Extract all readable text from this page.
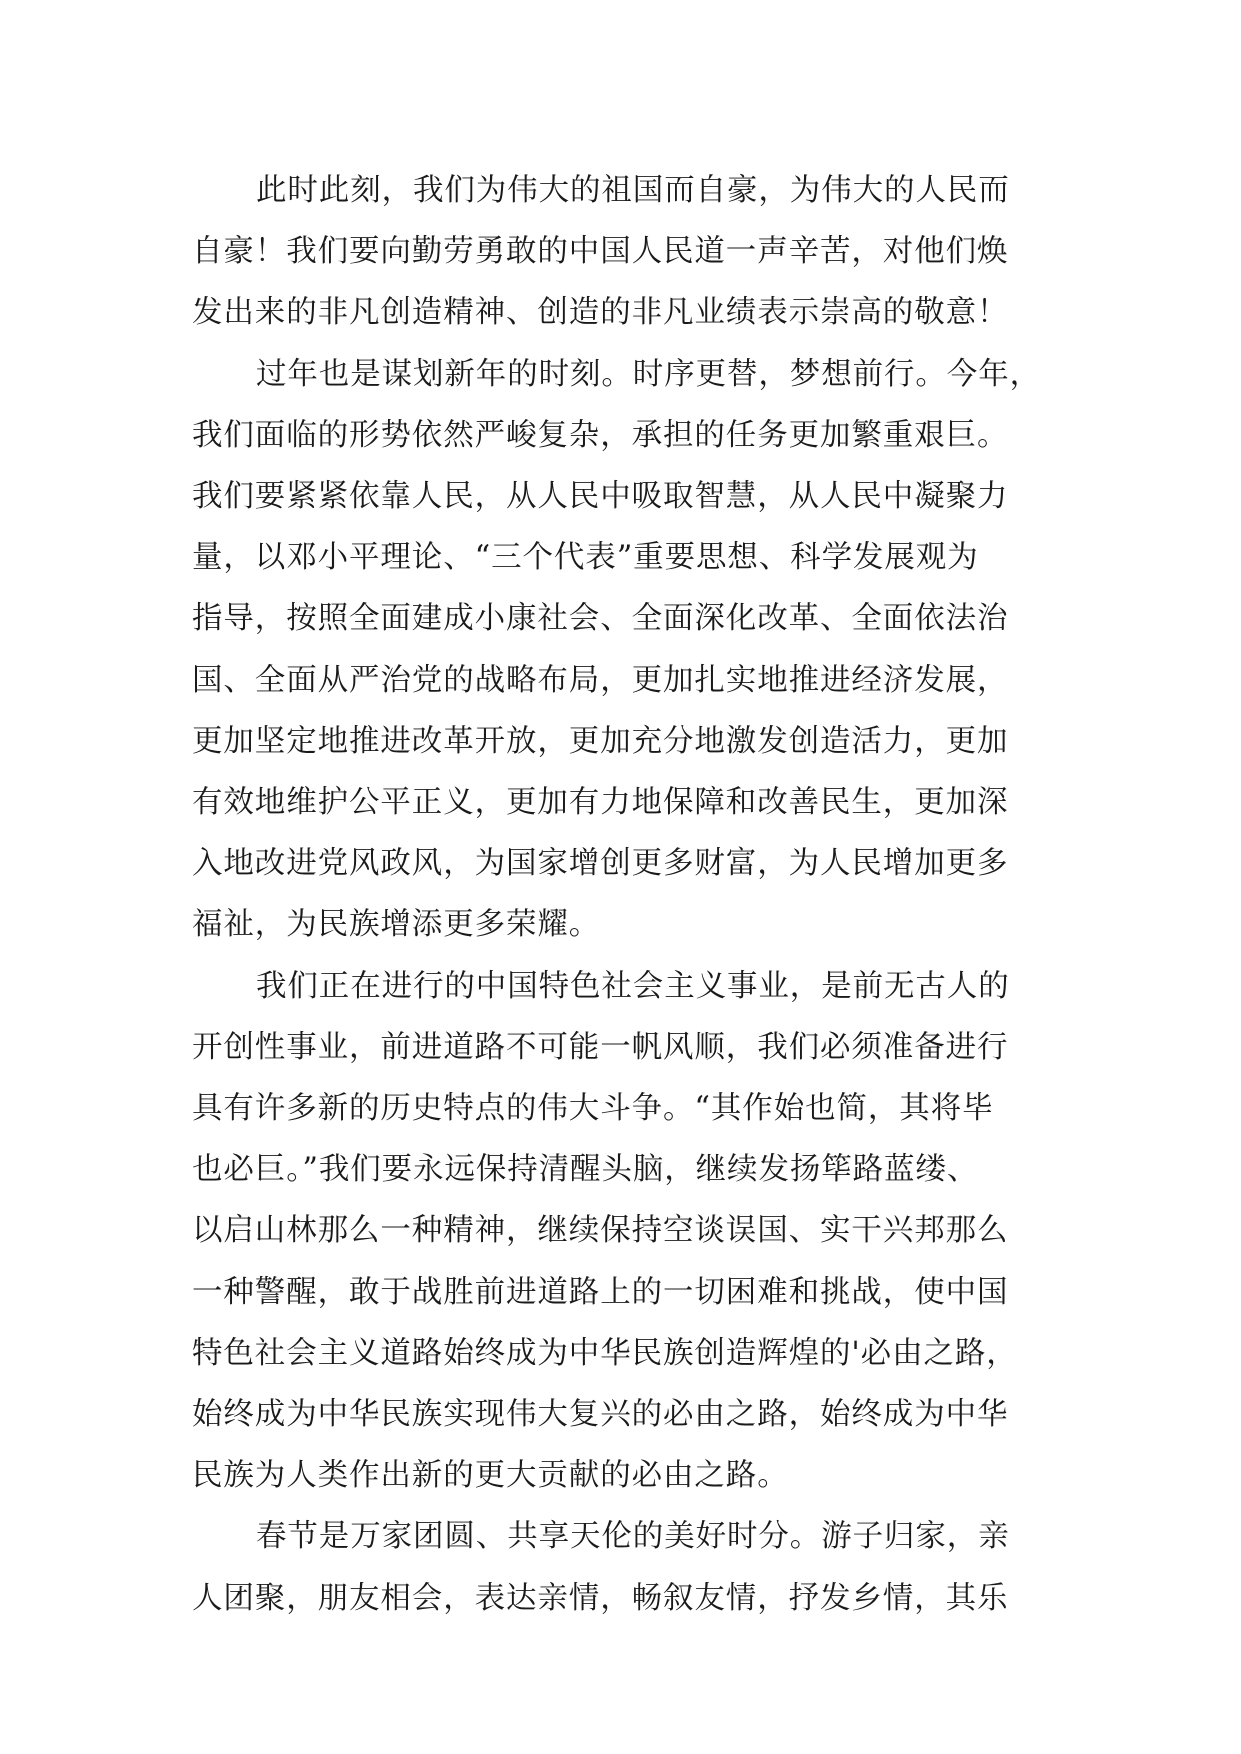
此时此刻，我们为伟大的祖国而自豪，为伟大的人民而
自豪！我们要向勤劳勇敢的中国人民道一声辛苦，对他们焕
发出来的非凡创造精神、创造的非凡业绩表示崇高的敬意！

过年也是谋划新年的时刻。时序更替，梦想前行。今年，
我们面临的形势依然严峻复杂，承担的任务更加繁重艰巨。
我们要紧紧依靠人民，从人民中吸取智慧，从人民中凝聚力
量，以邓小平理论、“三个代表”重要思想、科学发展观为
指导，按照全面建成小康社会、全面深化改革、全面依法治
国、全面从严治党的战略布局，更加扎实地推进经济发展，
更加坚定地推进改革开放，更加充分地激发创造活力，更加
有效地维护公平正义，更加有力地保障和改善民生，更加深
入地改进党风政风，为国家增创更多财富，为人民增加更多
福祉，为民族增添更多荣耀。

我们正在进行的中国特色社会主义事业，是前无古人的
开创性事业，前进道路不可能一帆风顺，我们必须准备进行
具有许多新的历史特点的伟大斗争。“其作始也简，其将毕
也必巨。”我们要永远保持清醒头脑，继续发扬筚路蓝缕、
以启山林那么一种精神，继续保持空谈误国、实干兴邦那么
一种警醒，敢于战胜前进道路上的一切困难和挑战，使中国
特色社会主义道路始终成为中华民族创造辉煌的'必由之路，
始终成为中华民族实现伟大复兴的必由之路，始终成为中华
民族为人类作出新的更大贡献的必由之路。

春节是万家团圆、共享天伦的美好时分。游子归家，亲
人团聚，朋友相会，表达亲情，畅叙友情，抒发乡情，其乐
